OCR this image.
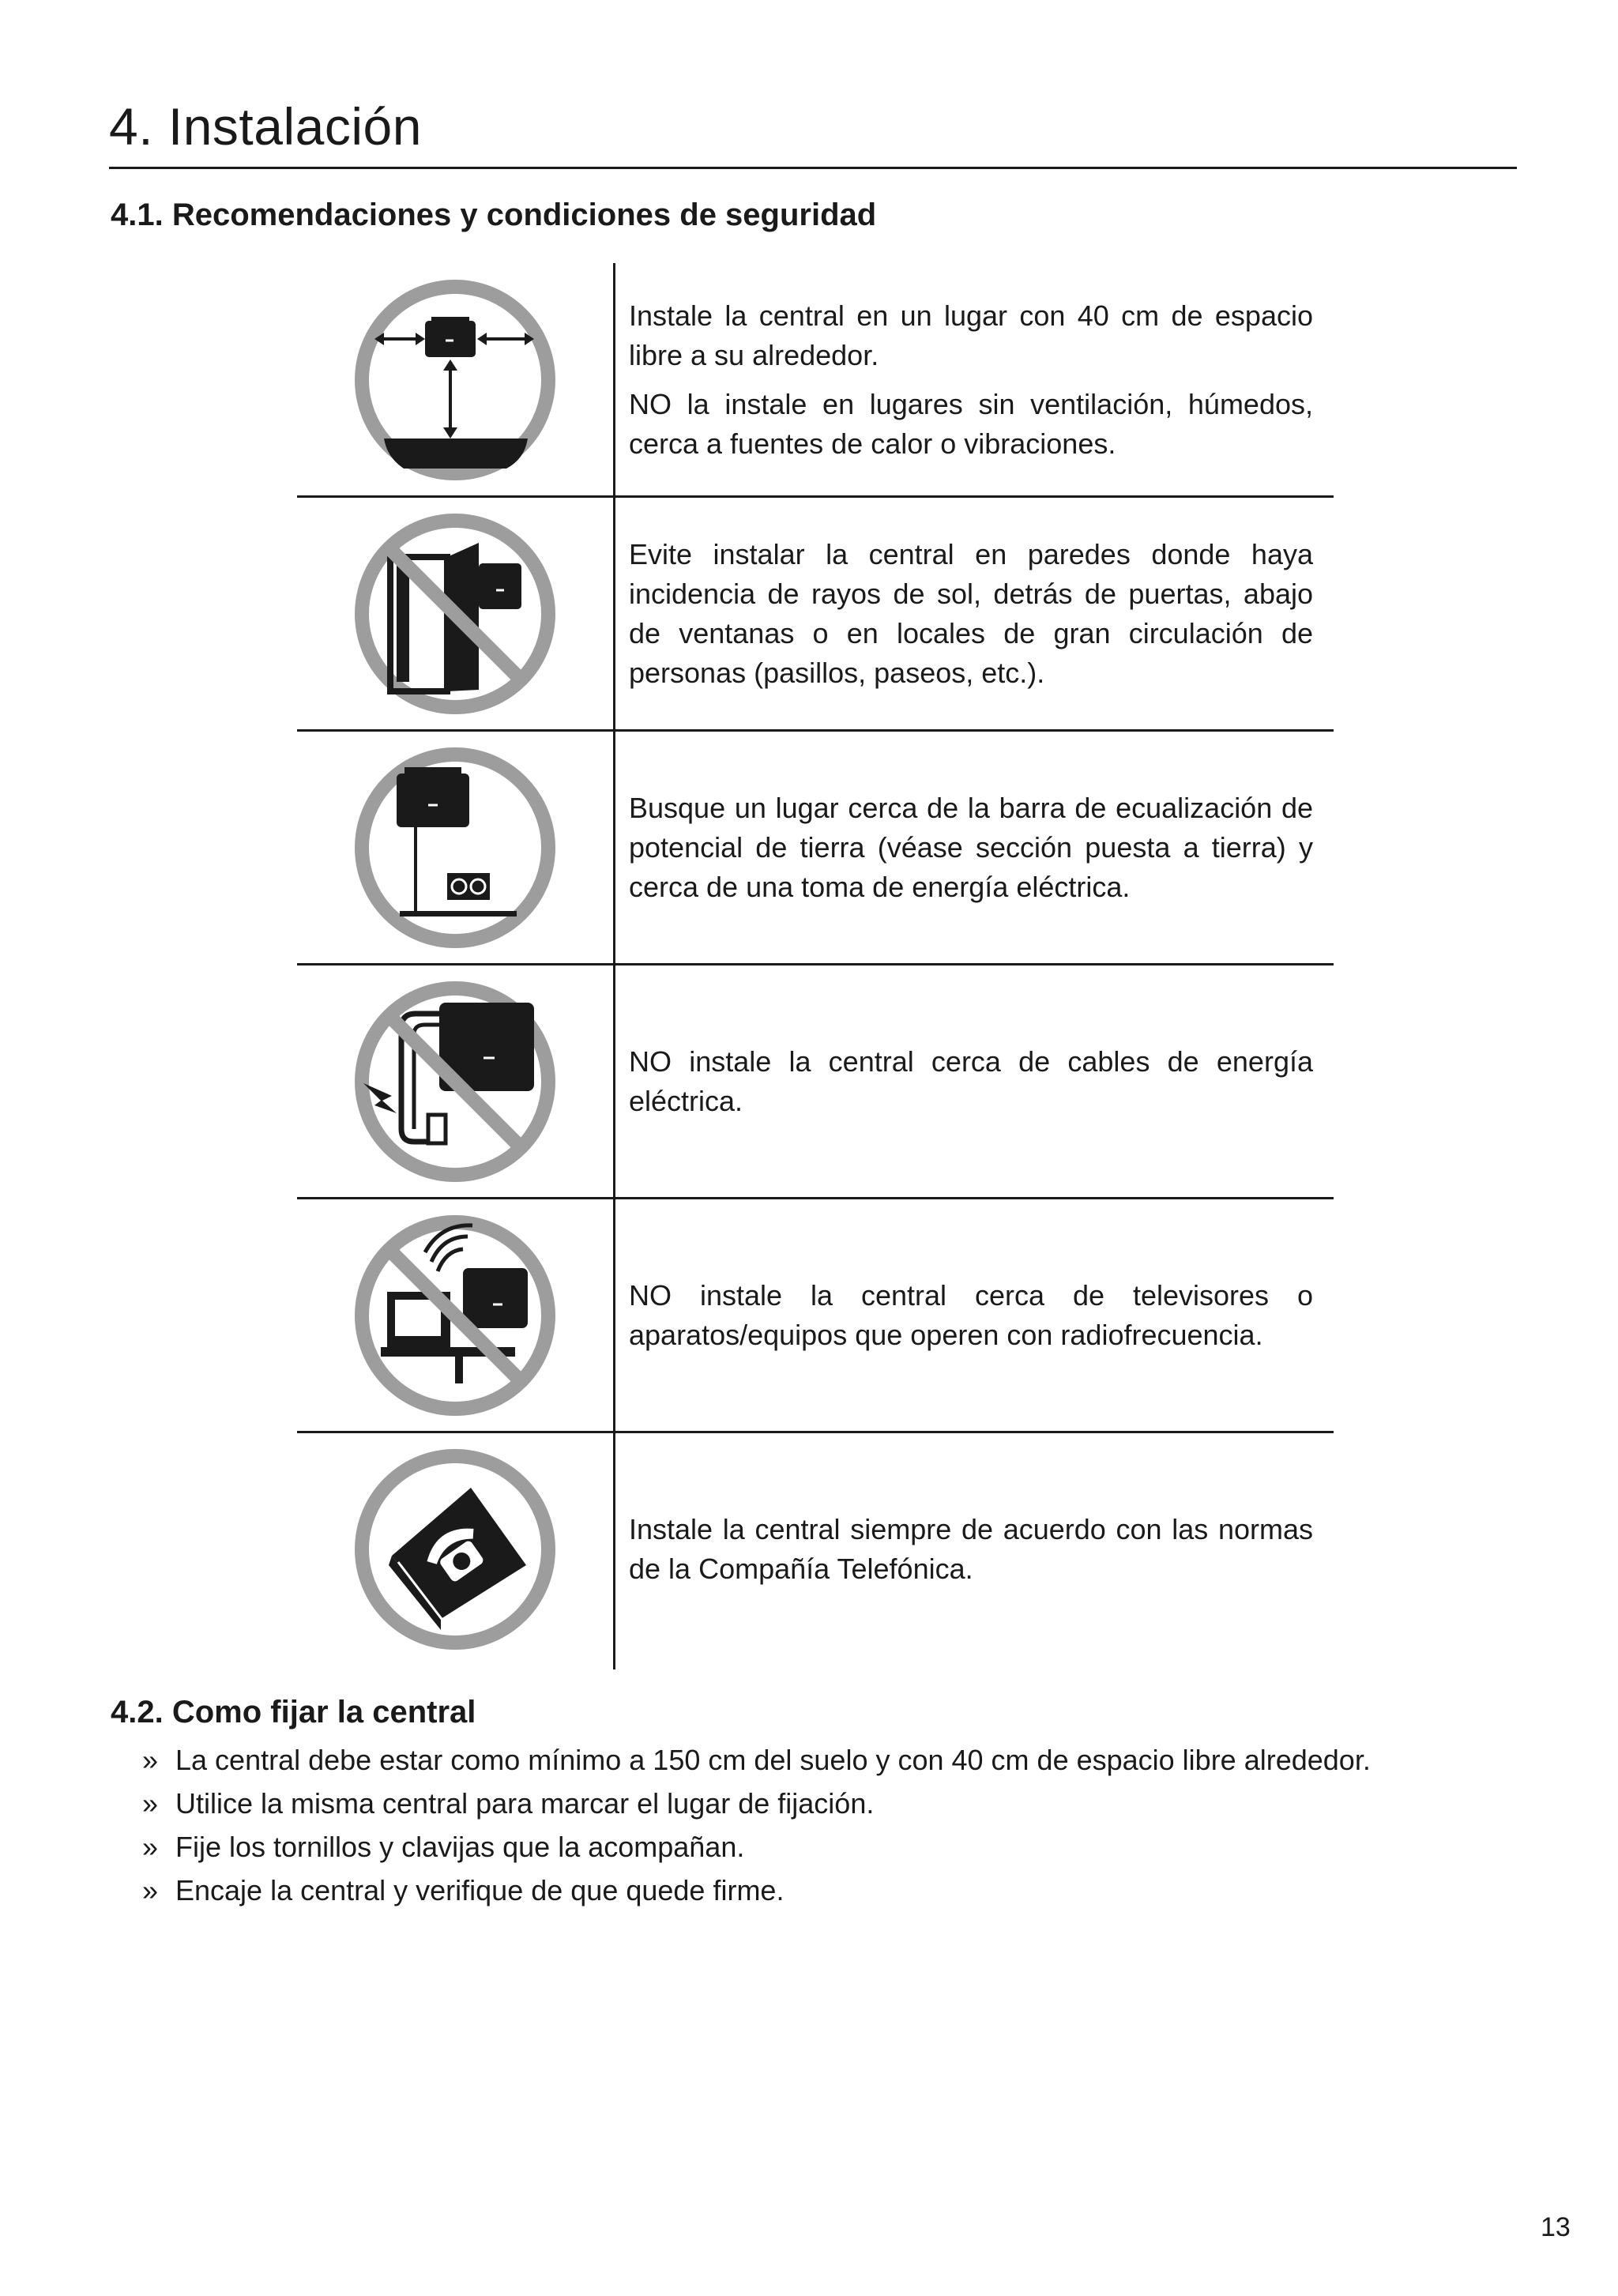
4. Instalación
4.1. Recomendaciones y condiciones de seguridad

Instale la central en un lugar con 40 cm de espacio libre a su alrededor.

NO la instale en lugares sin ventilación, húmedos, cerca a fuentes de calor o vibraciones.

Evite instalar la central en paredes donde haya incidencia de rayos de sol, detrás de puertas, abajo de ventanas o en locales de gran circulación de personas (pasillos, paseos, etc.).

Busque un lugar cerca de la barra de ecualización de potencial de tierra (véase sección puesta a tierra) y cerca de una toma de energía eléctrica.

NO instale la central cerca de cables de energía eléctrica.

NO instale la central cerca de televisores o aparatos/equipos que operen con radiofrecuencia.

Instale la central siempre de acuerdo con las normas de la Compañía Telefónica.

4.2. Como fijar la central
» La central debe estar como mínimo a 150 cm del suelo y con 40 cm de espacio libre alrededor.
» Utilice la misma central para marcar el lugar de fijación.
» Fije los tornillos y clavijas que la acompañan.
» Encaje la central y verifique de que quede firme.
13
